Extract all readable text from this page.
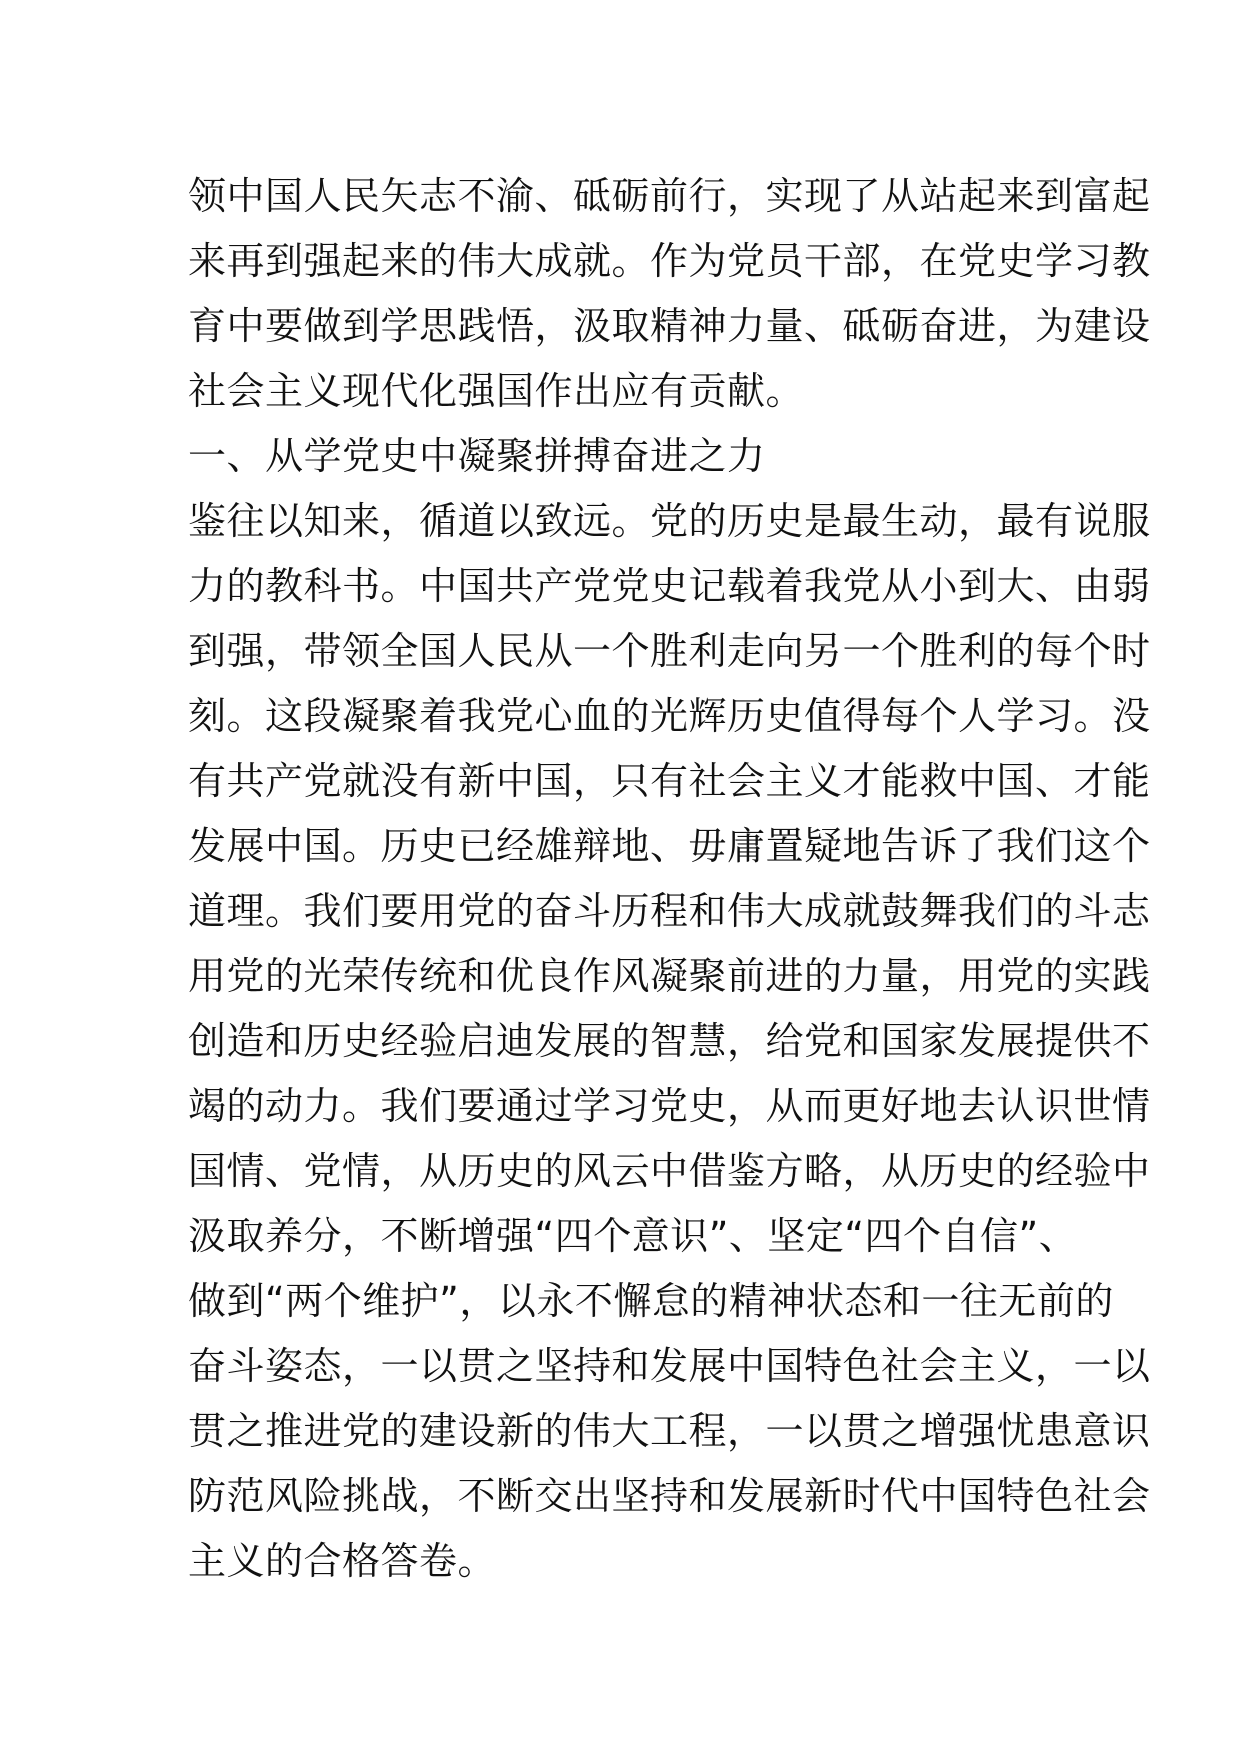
领中国人民矢志不渝、砥砺前行，实现了从站起来到富起
来再到强起来的伟大成就。作为党员干部，在党史学习教
育中要做到学思践悟，汲取精神力量、砥砺奋进，为建设
社会主义现代化强国作出应有贡献。
一、从学党史中凝聚拼搏奋进之力
鉴往以知来，循道以致远。党的历史是最生动，最有说服
力的教科书。中国共产党党史记载着我党从小到大、由弱
到强，带领全国人民从一个胜利走向另一个胜利的每个时
刻。这段凝聚着我党心血的光辉历史值得每个人学习。没
有共产党就没有新中国，只有社会主义才能救中国、才能
发展中国。历史已经雄辩地、毋庸置疑地告诉了我们这个
道理。我们要用党的奋斗历程和伟大成就鼓舞我们的斗志
用党的光荣传统和优良作风凝聚前进的力量，用党的实践
创造和历史经验启迪发展的智慧，给党和国家发展提供不
竭的动力。我们要通过学习党史，从而更好地去认识世情
国情、党情，从历史的风云中借鉴方略，从历史的经验中
汲取养分，不断增强“四个意识”、坚定“四个自信”、
做到“两个维护”，以永不懈怠的精神状态和一往无前的
奋斗姿态，一以贯之坚持和发展中国特色社会主义，一以
贯之推进党的建设新的伟大工程，一以贯之增强忧患意识
防范风险挑战，不断交出坚持和发展新时代中国特色社会
主义的合格答卷。
